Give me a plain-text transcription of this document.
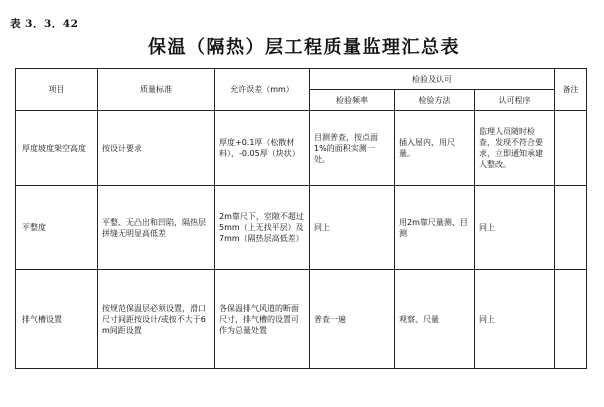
表 3．3．42
保温（隔热）层工程质量监理汇总表
项目	质量标准	允许误差（mm）	检验及认可			备注
			检验频率	检验方法	认可程序	
厚度坡度架空高度	按设计要求	厚度+0.1厚（松散材料），-0.05厚（块状）	目测普查，按点面1%的面积实测一处。	插入屋内，用尺量。	监理人员随时检查，发现不符合要求，立即通知承建人整改。	
平整度	平整、无凸出和凹陷，隔热层拼缝无明显高低差	2m靠尺下，室隙不超过5mm（上无找平层）及7mm（隔热层高低差）	同上	用2m靠尺量测、目测	同上	
排气槽设置	按规范保温层必须设置，滑口尺寸间距按设计/或按不大于6m间距设置	各保温排气风道的断面尺寸，排气槽的设置可作为总量处置	普查一遍	观察、尺量	同上	
